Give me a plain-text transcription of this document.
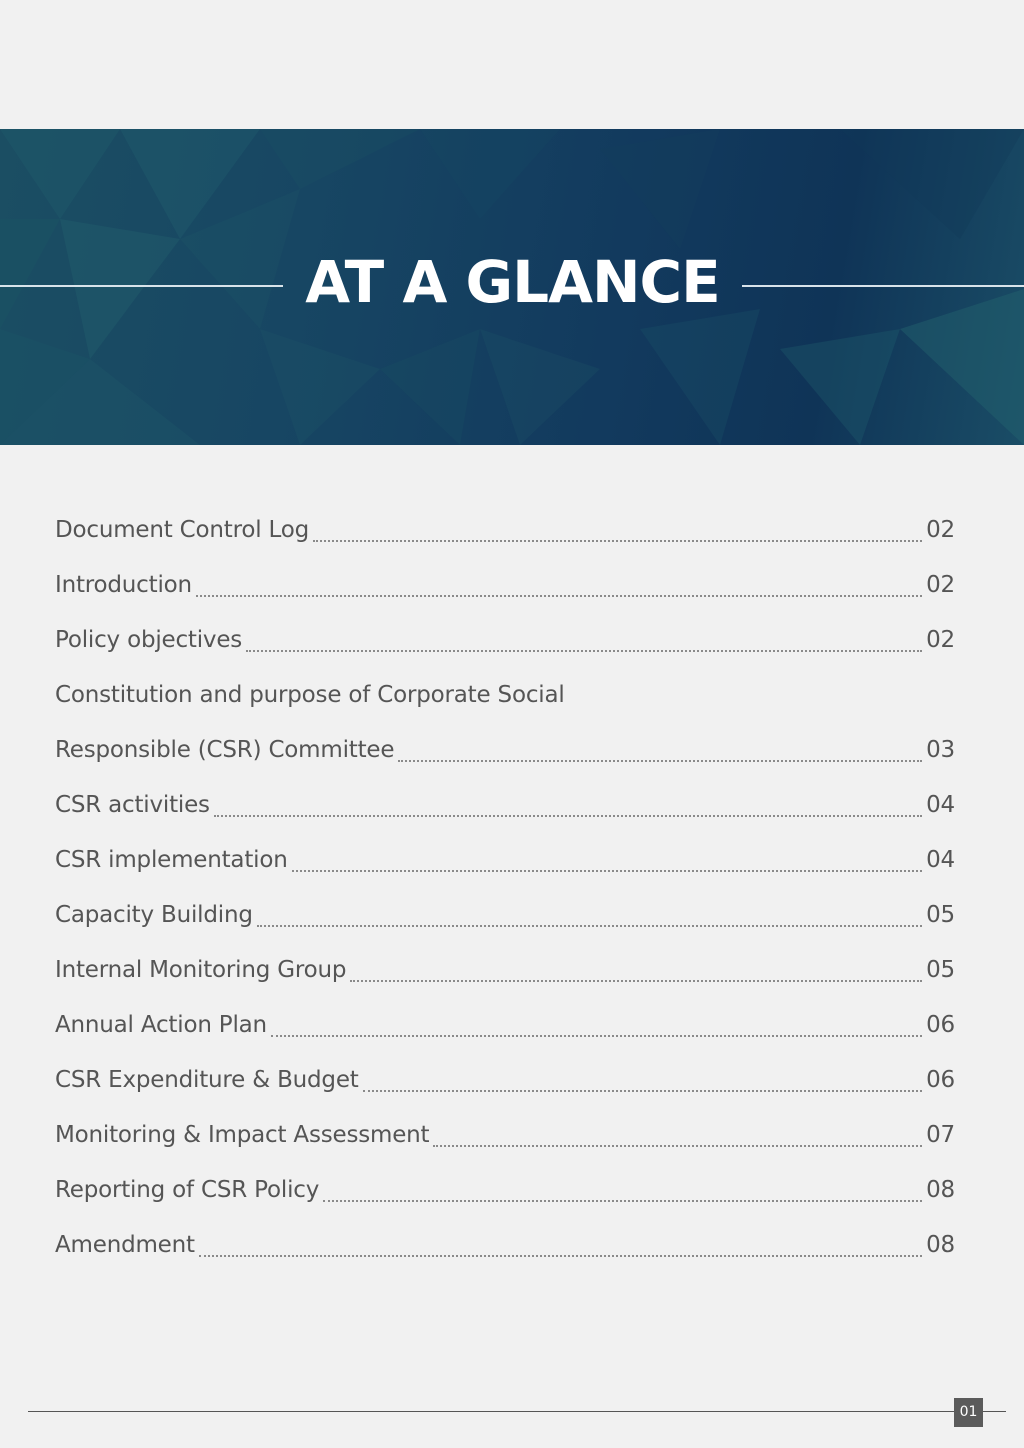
AT A GLANCE
Document Control Log	02
Introduction	02
Policy objectives	02
Constitution and purpose of Corporate Social
Responsible (CSR) Committee	03
CSR activities	04
CSR implementation	04
Capacity Building	05
Internal Monitoring Group	05
Annual Action Plan	06
CSR Expenditure & Budget	06
Monitoring & Impact Assessment	07
Reporting of CSR Policy	08
Amendment	08
01
